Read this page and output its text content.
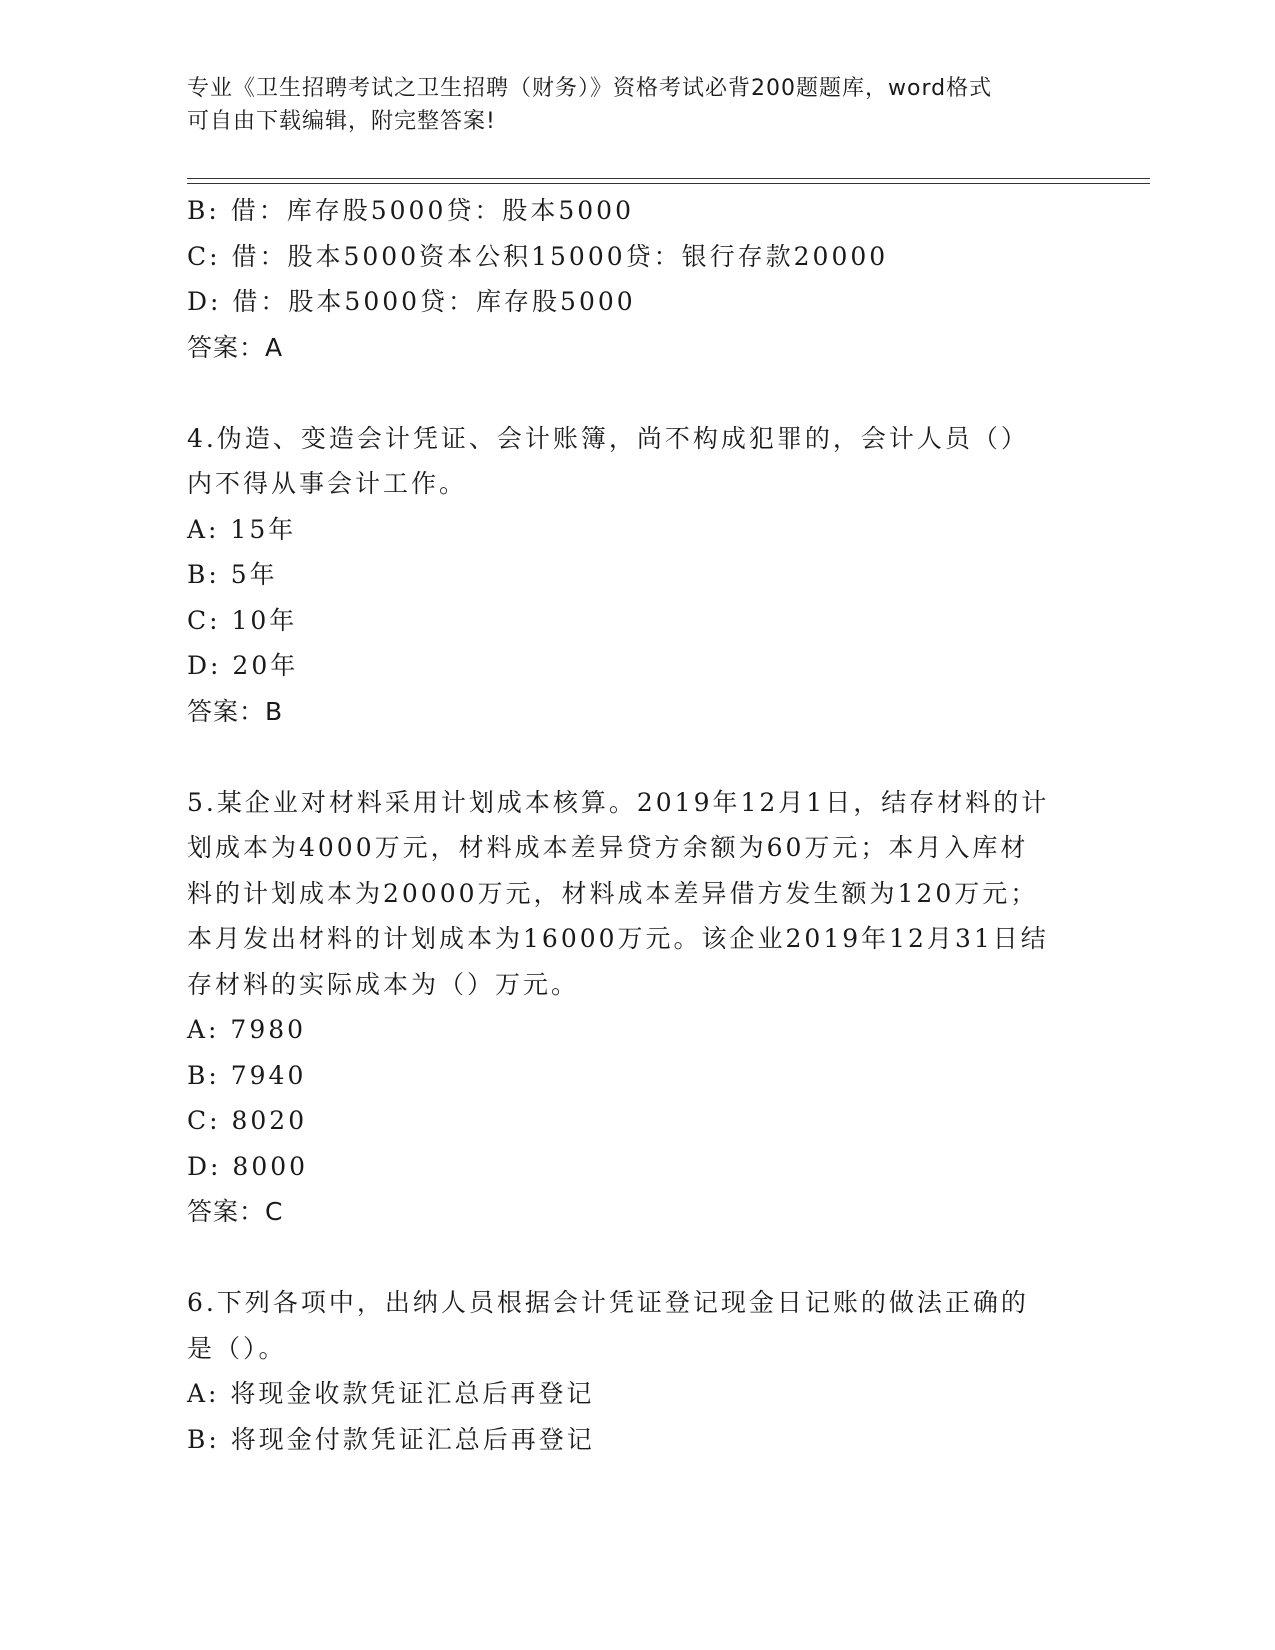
专业《卫生招聘考试之卫生招聘（财务）》资格考试必背200题题库，word格式
可自由下载编辑，附完整答案!
B: 借：库存股5000贷：股本5000
C: 借：股本5000资本公积15000贷：银行存款20000
D: 借：股本5000贷：库存股5000
答案：A
4.伪造、变造会计凭证、会计账簿，尚不构成犯罪的，会计人员（）
内不得从事会计工作。
A: 15年
B: 5年
C: 10年
D: 20年
答案：B
5.某企业对材料采用计划成本核算。2019年12月1日，结存材料的计
划成本为4000万元，材料成本差异贷方余额为60万元；本月入库材
料的计划成本为20000万元，材料成本差异借方发生额为120万元；
本月发出材料的计划成本为16000万元。该企业2019年12月31日结
存材料的实际成本为（）万元。
A: 7980
B: 7940
C: 8020
D: 8000
答案：C
6.下列各项中，出纳人员根据会计凭证登记现金日记账的做法正确的
是（）。
A: 将现金收款凭证汇总后再登记
B: 将现金付款凭证汇总后再登记
